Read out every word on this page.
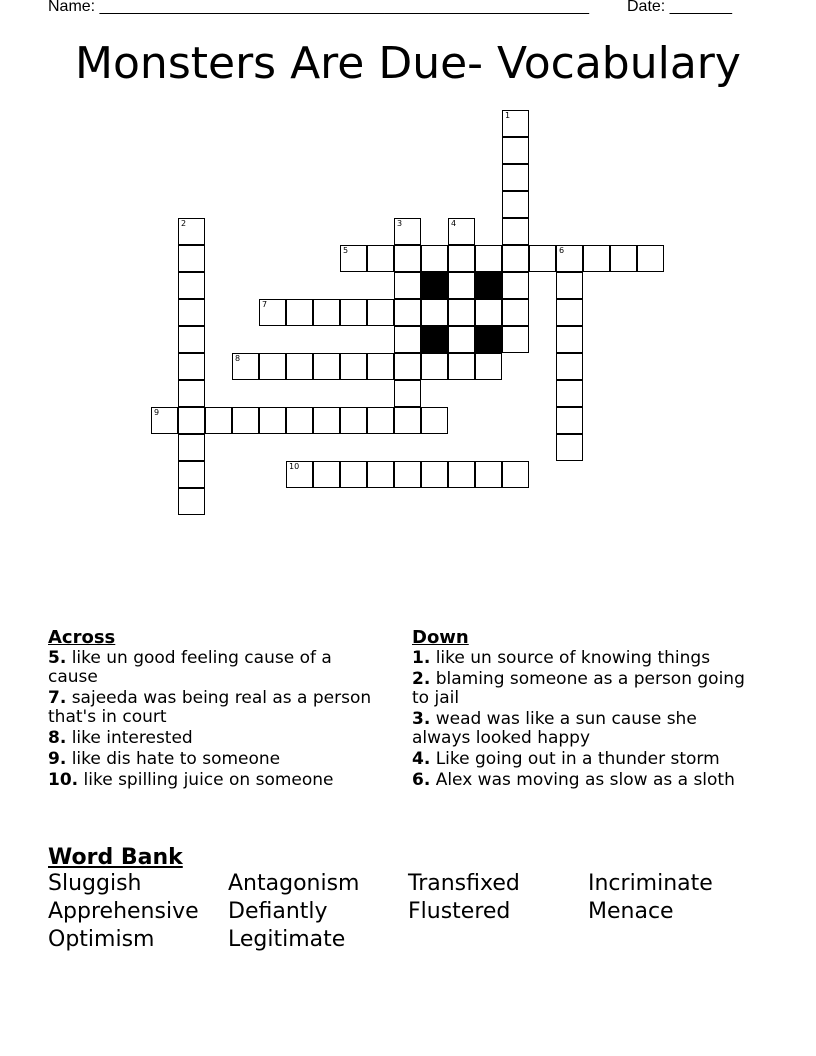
Name: _______________________________________________________ Date: _______
Monsters Are Due- Vocabulary
1
2	3	4
5	6
7
8
9
10
Across
5. like un good feeling cause of a cause
7. sajeeda was being real as a person that's in court
8. like interested
9. like dis hate to someone
10. like spilling juice on someone
Down
1. like un source of knowing things
2. blaming someone as a person going to jail
3. wead was like a sun cause she always looked happy
4. Like going out in a thunder storm
6. Alex was moving as slow as a sloth
Word Bank
Sluggish	Antagonism	Transfixed	Incriminate
Apprehensive	Defiantly	Flustered	Menace
Optimism	Legitimate
